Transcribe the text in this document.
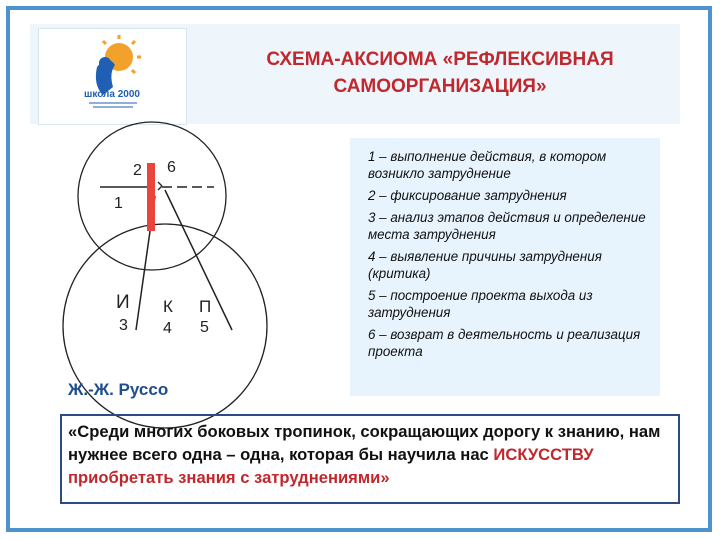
школа 2000
СХЕМА-АКСИОМА «РЕФЛЕКСИВНАЯ
САМООРГАНИЗАЦИЯ»
2 6
1
И
3
К
4
П
5
1 – выполнение действия, в котором возникло затруднение
2 – фиксирование затруднения
3 – анализ этапов действия и определение места затруднения
4 – выявление причины затруднения (критика)
5 – построение проекта выхода из затруднения
6 – возврат в деятельность и реализация проекта
Ж.-Ж. Руссо
«Среди многих боковых тропинок, сокращающих дорогу к знанию, нам нужнее всего одна – одна, которая бы научила нас ИСКУССТВУ приобретать знания с затруднениями»
